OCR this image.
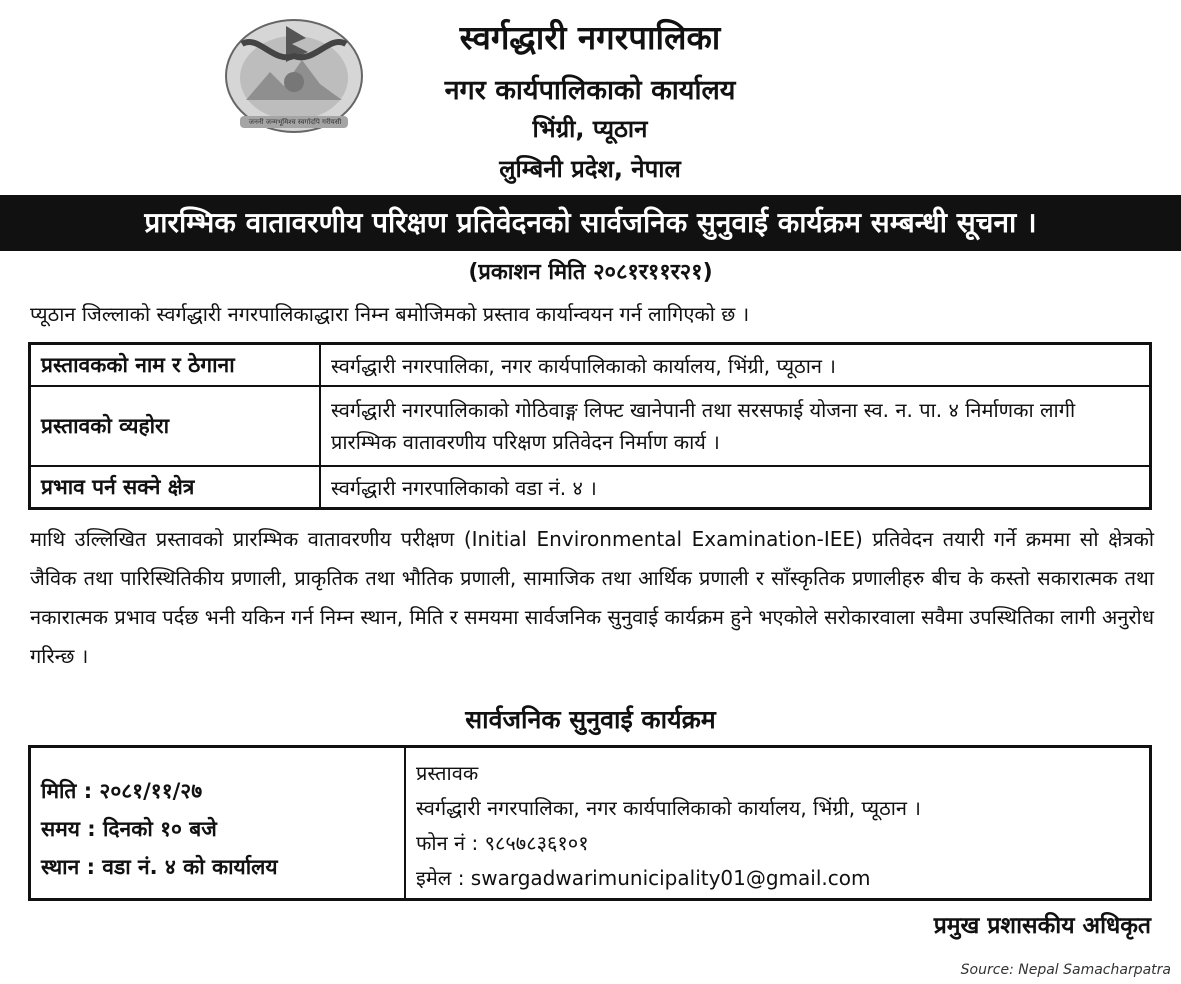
जननी जन्मभूमिश्च स्वर्गादपि गरीयसी
स्वर्गद्धारी नगरपालिका
नगर कार्यपालिकाको कार्यालय
भिंग्री, प्यूठान
लुम्बिनी प्रदेश, नेपाल
प्रारम्भिक वातावरणीय परिक्षण प्रतिवेदनको सार्वजनिक सुनुवाई कार्यक्रम सम्बन्धी सूचना ।
(प्रकाशन मिति २०८१र११र२१)
प्यूठान जिल्लाको स्वर्गद्धारी नगरपालिकाद्धारा निम्न बमोजिमको प्रस्ताव कार्यान्वयन गर्न लागिएको छ ।
प्रस्तावकको नाम र ठेगाना	स्वर्गद्धारी नगरपालिका, नगर कार्यपालिकाको कार्यालय, भिंग्री, प्यूठान ।
प्रस्तावको व्यहोरा	स्वर्गद्धारी नगरपालिकाको गोठिवाङ्ग लिफ्ट खानेपानी तथा सरसफाई योजना स्व. न. पा. ४ निर्माणका लागी प्रारम्भिक वातावरणीय परिक्षण प्रतिवेदन निर्माण कार्य ।
प्रभाव पर्न सक्ने क्षेत्र	स्वर्गद्धारी नगरपालिकाको वडा नं. ४ ।
माथि उल्लिखित प्रस्तावको प्रारम्भिक वातावरणीय परीक्षण (Initial Environmental Examination-IEE) प्रतिवेदन तयारी गर्ने क्रममा सो क्षेत्रको जैविक तथा पारिस्थितिकीय प्रणाली, प्राकृतिक तथा भौतिक प्रणाली, सामाजिक तथा आर्थिक प्रणाली र साँस्कृतिक प्रणालीहरु बीच के कस्तो सकारात्मक तथा नकारात्मक प्रभाव पर्दछ भनी यकिन गर्न निम्न स्थान, मिति र समयमा सार्वजनिक सुनुवाई कार्यक्रम हुने भएकोले सरोकारवाला सवैमा उपस्थितिका लागी अनुरोध गरिन्छ ।
सार्वजनिक सुनुवाई कार्यक्रम
मिति : २०८१/११/२७
समय : दिनको १० बजे
स्थान : वडा नं. ४ को कार्यालय
प्रस्तावक
स्वर्गद्धारी नगरपालिका, नगर कार्यपालिकाको कार्यालय, भिंग्री, प्यूठान ।
फोन नं : ९८५७८३६१०१
इमेल : swargadwarimunicipality01@gmail.com
प्रमुख प्रशासकीय अधिकृत
Source: Nepal Samacharpatra
